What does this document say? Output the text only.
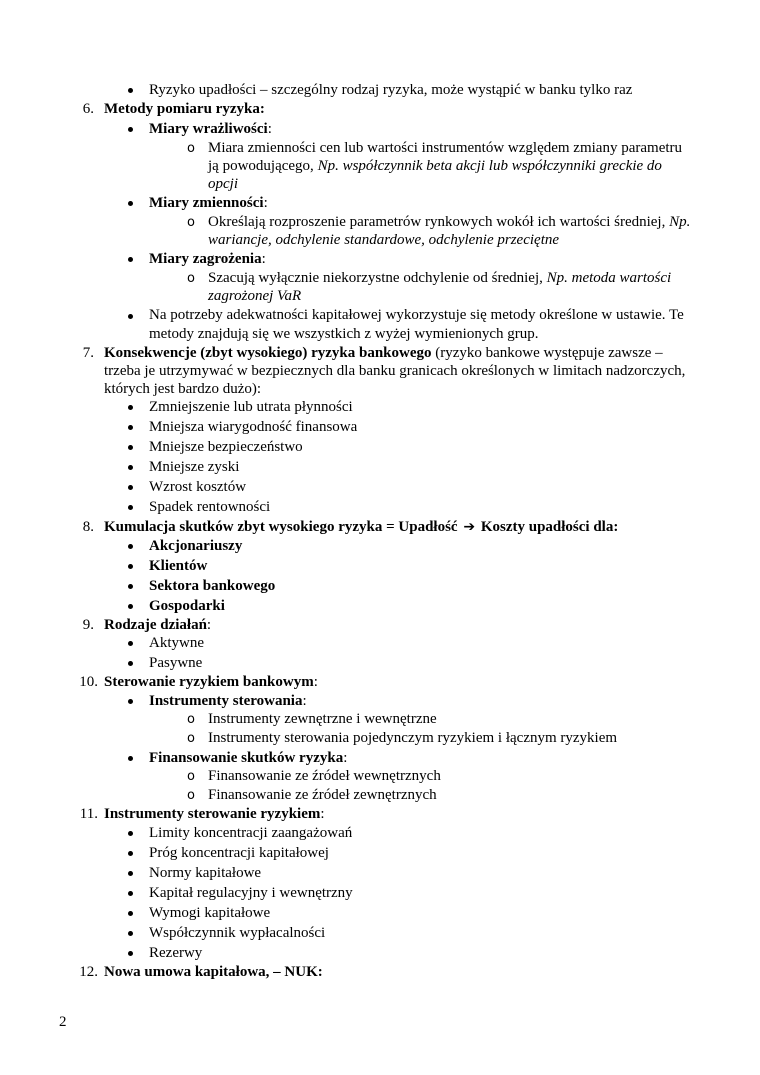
Ryzyko upadłości – szczególny rodzaj ryzyka, może wystąpić w banku tylko raz
6. Metody pomiaru ryzyka:
Miary wrażliwości:
o Miara zmienności cen lub wartości instrumentów względem zmiany parametru
ją powodującego, Np. współczynnik beta akcji lub współczynniki greckie do
opcji
Miary zmienności:
o Określają rozproszenie parametrów rynkowych wokół ich wartości średniej, Np.
wariancje, odchylenie standardowe, odchylenie przeciętne
Miary zagrożenia:
o Szacują wyłącznie niekorzystne odchylenie od średniej, Np. metoda wartości
zagrożonej VaR
Na potrzeby adekwatności kapitałowej wykorzystuje się metody określone w ustawie. Te
metody znajdują się we wszystkich z wyżej wymienionych grup.
7. Konsekwencje (zbyt wysokiego) ryzyka bankowego (ryzyko bankowe występuje zawsze –
trzeba je utrzymywać w bezpiecznych dla banku granicach określonych w limitach nadzorczych,
których jest bardzo dużo):
Zmniejszenie lub utrata płynności
Mniejsza wiarygodność finansowa
Mniejsze bezpieczeństwo
Mniejsze zyski
Wzrost kosztów
Spadek rentowności
8. Kumulacja skutków zbyt wysokiego ryzyka = Upadłość ➔ Koszty upadłości dla:
Akcjonariuszy
Klientów
Sektora bankowego
Gospodarki
9. Rodzaje działań:
Aktywne
Pasywne
10. Sterowanie ryzykiem bankowym:
Instrumenty sterowania:
o Instrumenty zewnętrzne i wewnętrzne
o Instrumenty sterowania pojedynczym ryzykiem i łącznym ryzykiem
Finansowanie skutków ryzyka:
o Finansowanie ze źródeł wewnętrznych
o Finansowanie ze źródeł zewnętrznych
11. Instrumenty sterowanie ryzykiem:
Limity koncentracji zaangażowań
Próg koncentracji kapitałowej
Normy kapitałowe
Kapitał regulacyjny i wewnętrzny
Wymogi kapitałowe
Współczynnik wypłacalności
Rezerwy
12. Nowa umowa kapitałowa, – NUK:
2
